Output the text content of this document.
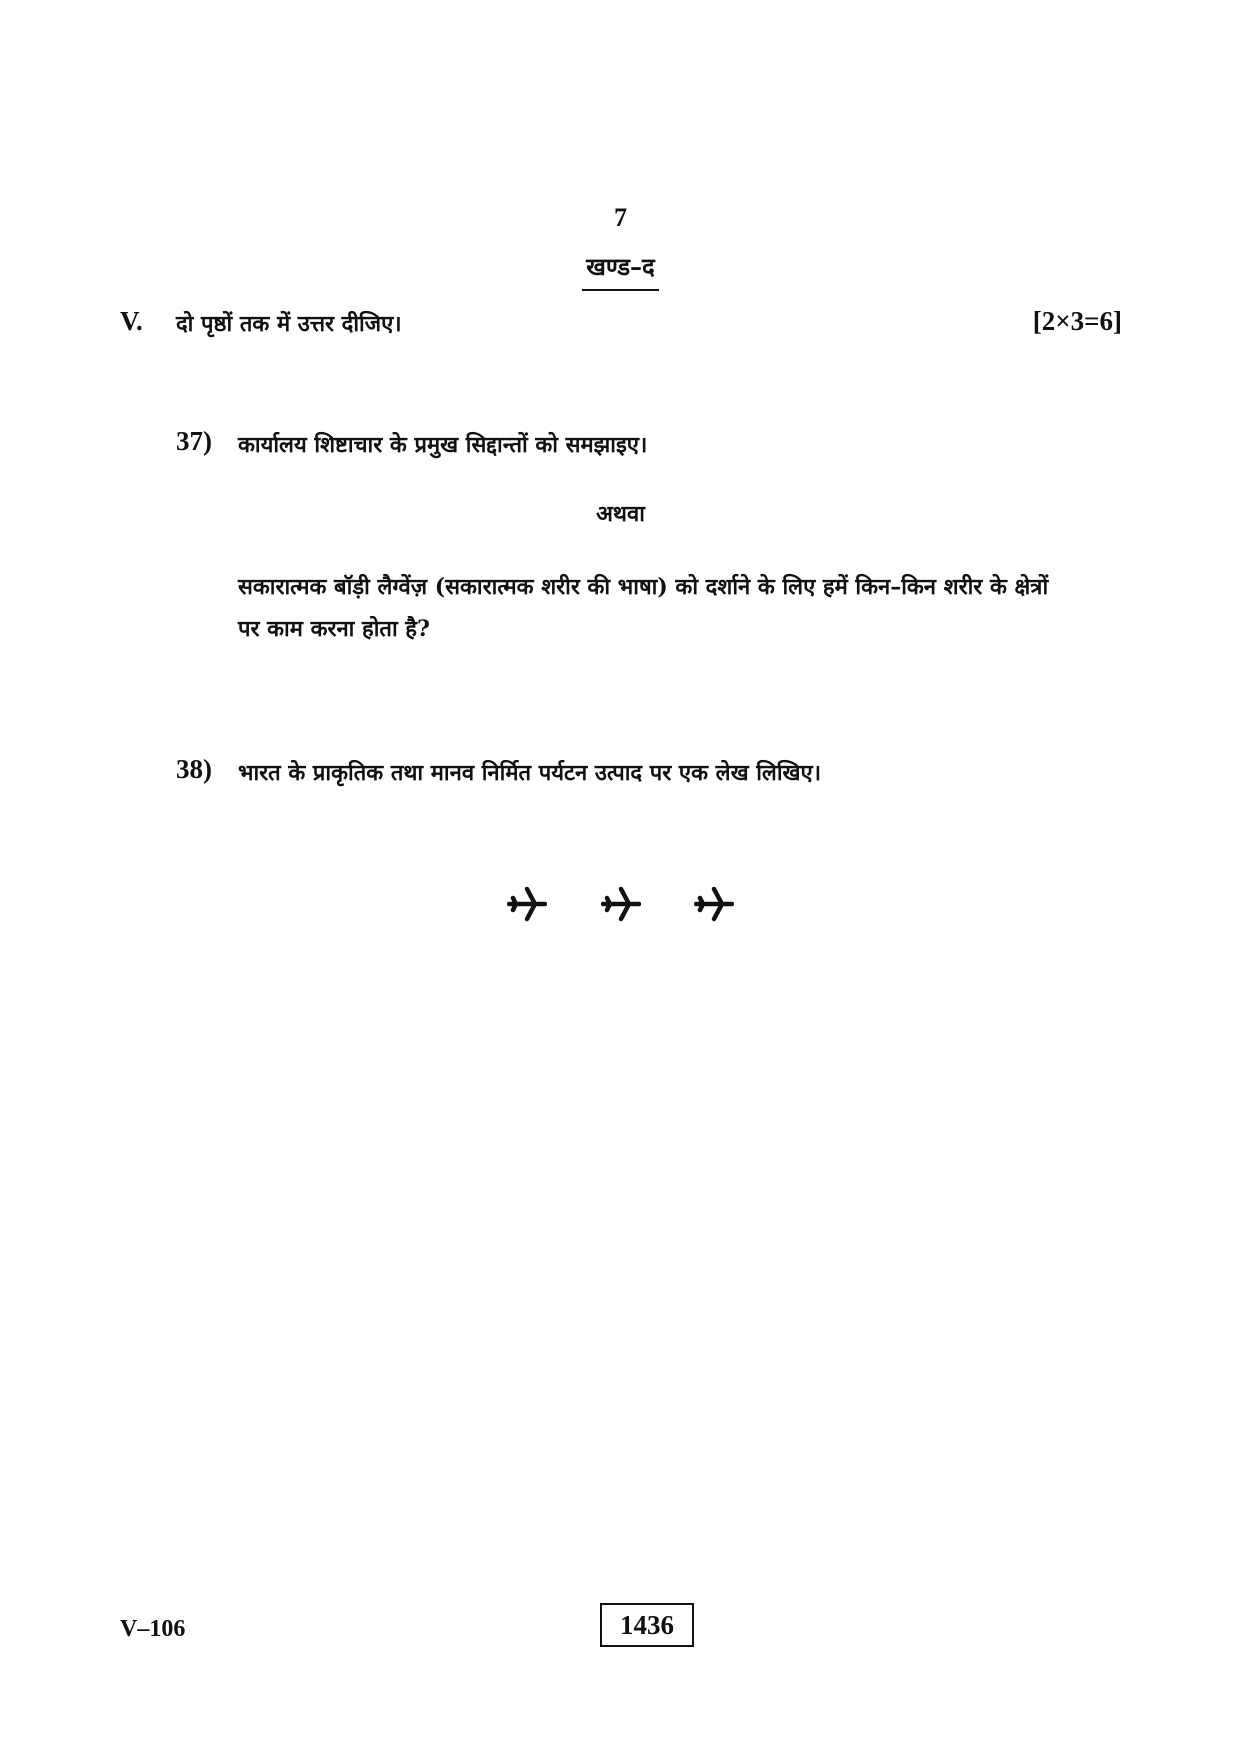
7
खण्ड–द
V. दो पृष्ठों तक में उत्तर दीजिए।	[2×3=6]
37) कार्यालय शिष्टाचार के प्रमुख सिद्दान्तों को समझाइए।
अथवा
सकारात्मक बॉड़ी लैग्वेंज़ (सकारात्मक शरीर की भाषा) को दर्शाने के लिए हमें किन–किन शरीर के क्षेत्रों
पर काम करना होता है?
38) भारत के प्राकृतिक तथा मानव निर्मित पर्यटन उत्पाद पर एक लेख लिखिए।

V–106	1436
